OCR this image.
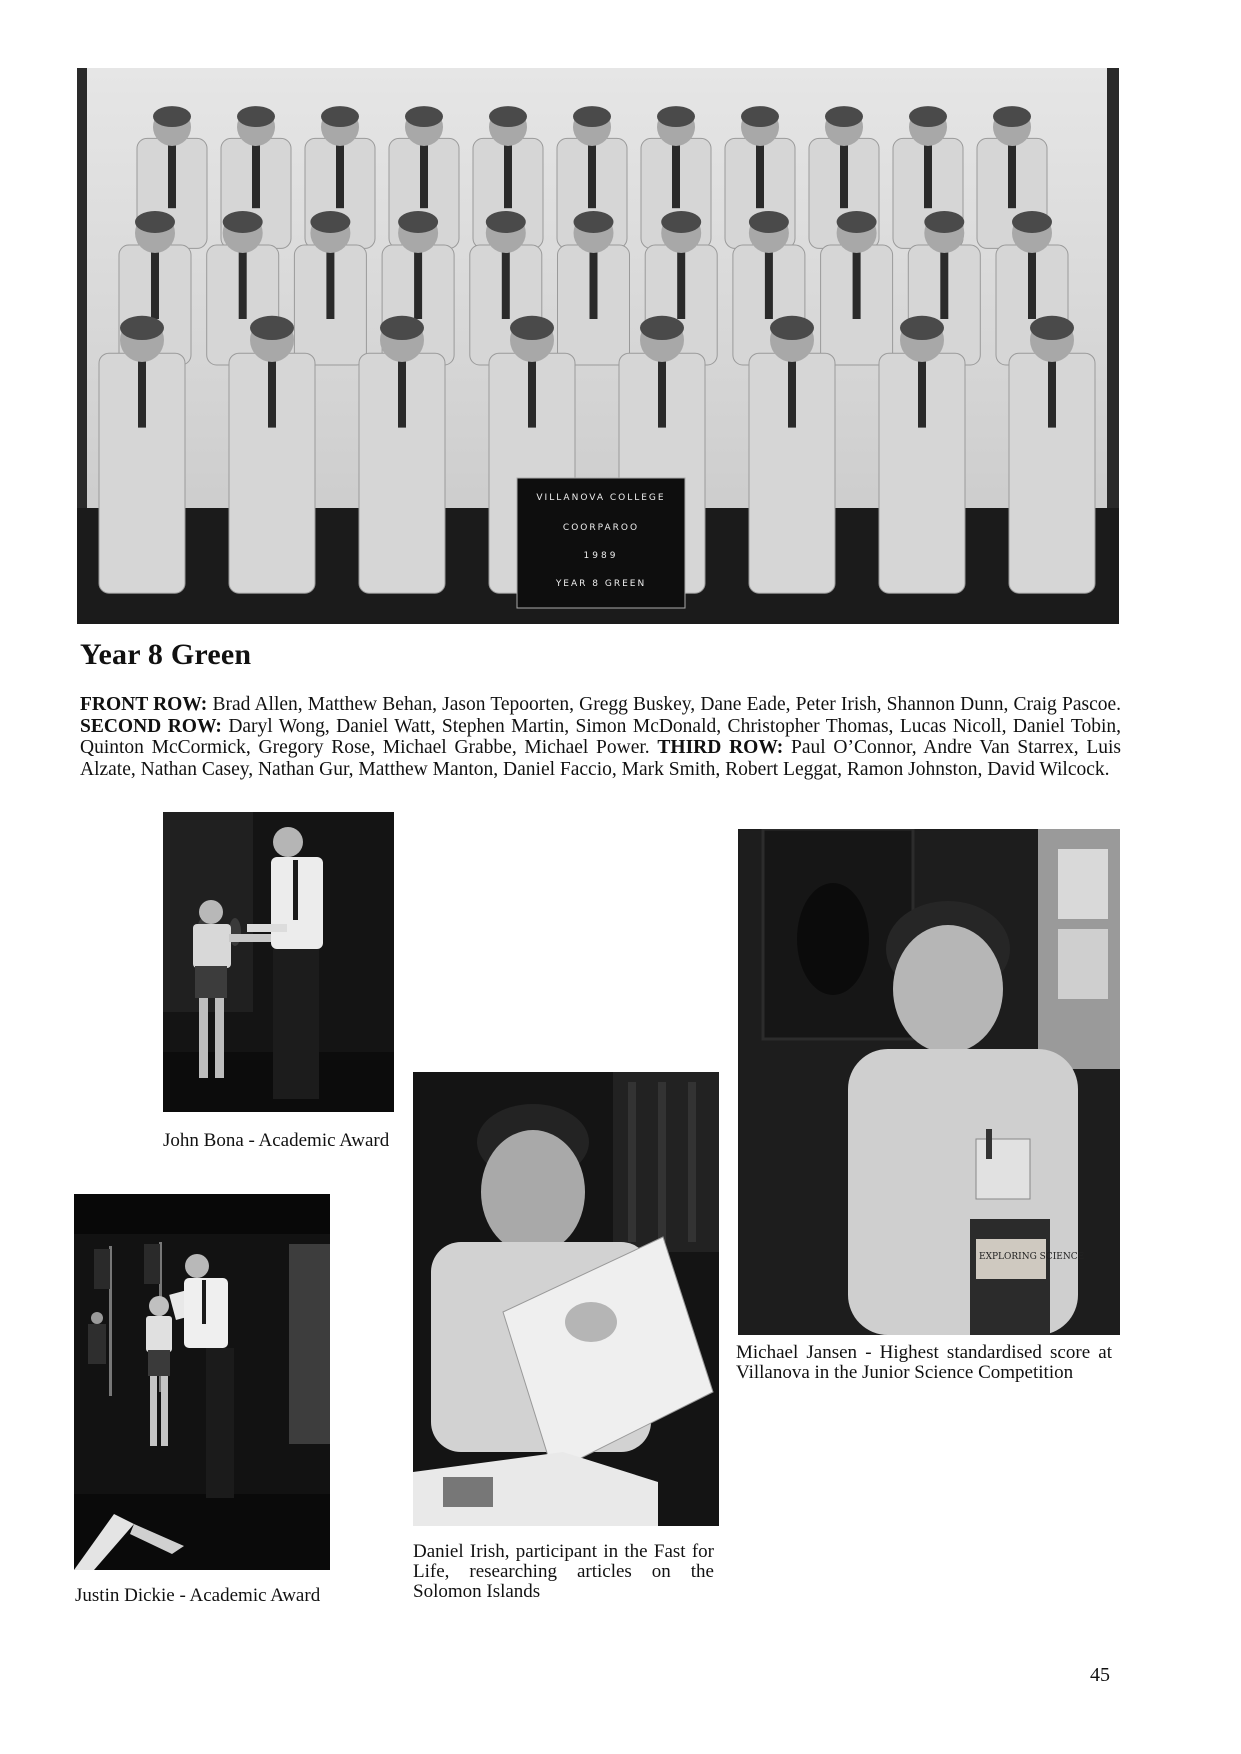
VILLANOVA COLLEGE
COORPAROO
1989
YEAR 8 GREEN
Year 8 Green

FRONT ROW: Brad Allen, Matthew Behan, Jason Tepoorten, Gregg Buskey, Dane Eade, Peter Irish, Shannon Dunn, Craig Pascoe. SECOND ROW: Daryl Wong, Daniel Watt, Stephen Martin, Simon McDonald, Christopher Thomas, Lucas Nicoll, Daniel Tobin, Quinton McCormick, Gregory Rose, Michael Grabbe, Michael Power. THIRD ROW: Paul O’Connor, Andre Van Starrex, Luis Alzate, Nathan Casey, Nathan Gur, Matthew Manton, Daniel Faccio, Mark Smith, Robert Leggat, Ramon Johnston, David Wilcock.

John Bona - Academic Award

Justin Dickie - Academic Award

Daniel Irish, participant in the Fast for Life, researching articles on the Solomon Islands

EXPLORING SCIENCE

Michael Jansen - Highest standardised score at Villanova in the Junior Science Competition

45
